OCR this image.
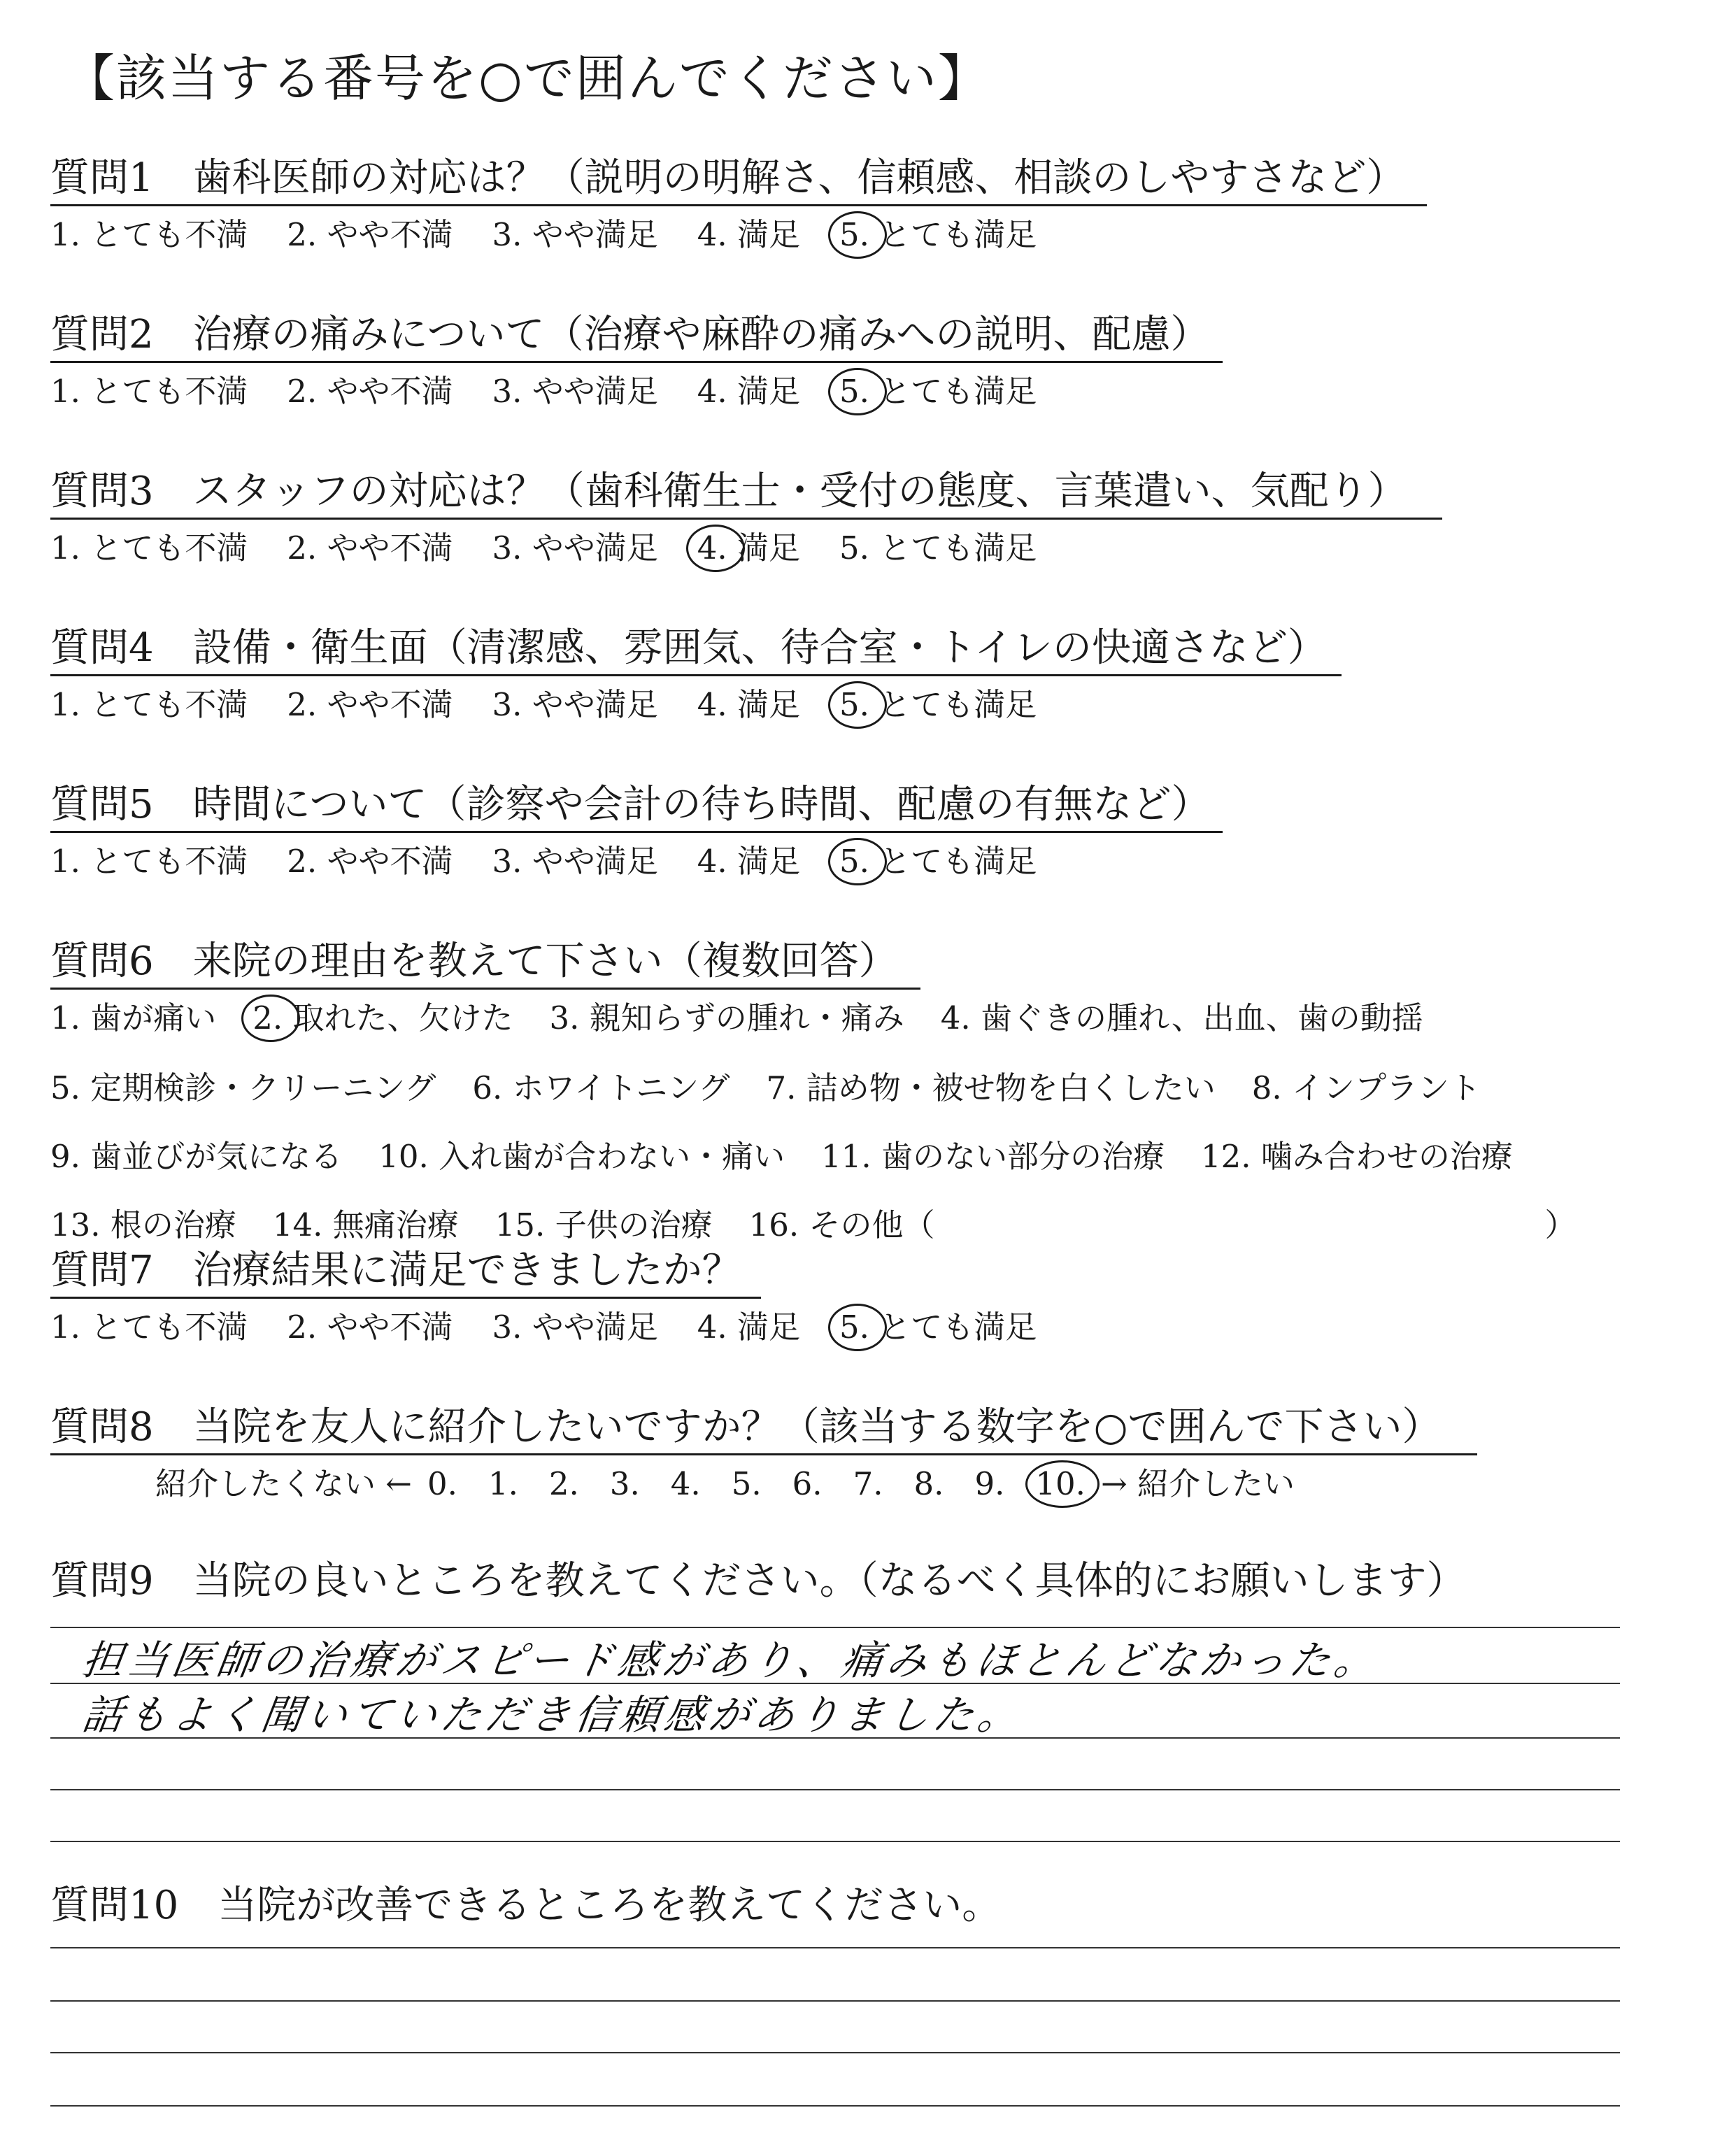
【該当する番号を○で囲んでください】
質問1　歯科医師の対応は？（説明の明解さ、信頼感、相談のしやすさなど）
1. とても不満 2. やや不満 3. やや満足 4. 満足 5. とても満足
質問2　治療の痛みについて（治療や麻酔の痛みへの説明、配慮）
1. とても不満 2. やや不満 3. やや満足 4. 満足 5. とても満足
質問3　スタッフの対応は？（歯科衛生士・受付の態度、言葉遣い、気配り）
1. とても不満 2. やや不満 3. やや満足 4. 満足 5. とても満足
質問4　設備・衛生面（清潔感、雰囲気、待合室・トイレの快適さなど）
1. とても不満 2. やや不満 3. やや満足 4. 満足 5. とても満足
質問5　時間について（診察や会計の待ち時間、配慮の有無など）
1. とても不満 2. やや不満 3. やや満足 4. 満足 5. とても満足
質問6　来院の理由を教えて下さい（複数回答）
1. 歯が痛い 2. 取れた、欠けた 3. 親知らずの腫れ・痛み 4. 歯ぐきの腫れ、出血、歯の動揺
5. 定期検診・クリーニング 6. ホワイトニング 7. 詰め物・被せ物を白くしたい 8. インプラント
9. 歯並びが気になる 10. 入れ歯が合わない・痛い 11. 歯のない部分の治療 12. 噛み合わせの治療
13. 根の治療 14. 無痛治療 15. 子供の治療 16. その他（	）
質問7　治療結果に満足できましたか？
1. とても不満 2. やや不満 3. やや満足 4. 満足 5. とても満足
質問8　当院を友人に紹介したいですか？（該当する数字を○で囲んで下さい）
紹介したくない ← 0. 1. 2. 3. 4. 5. 6. 7. 8. 9. 10. → 紹介したい
質問9　当院の良いところを教えてください。（なるべく具体的にお願いします）
担当医師の治療がスピード感があり、痛みもほとんどなかった。
話もよく聞いていただき信頼感がありました。
質問10　当院が改善できるところを教えてください。
